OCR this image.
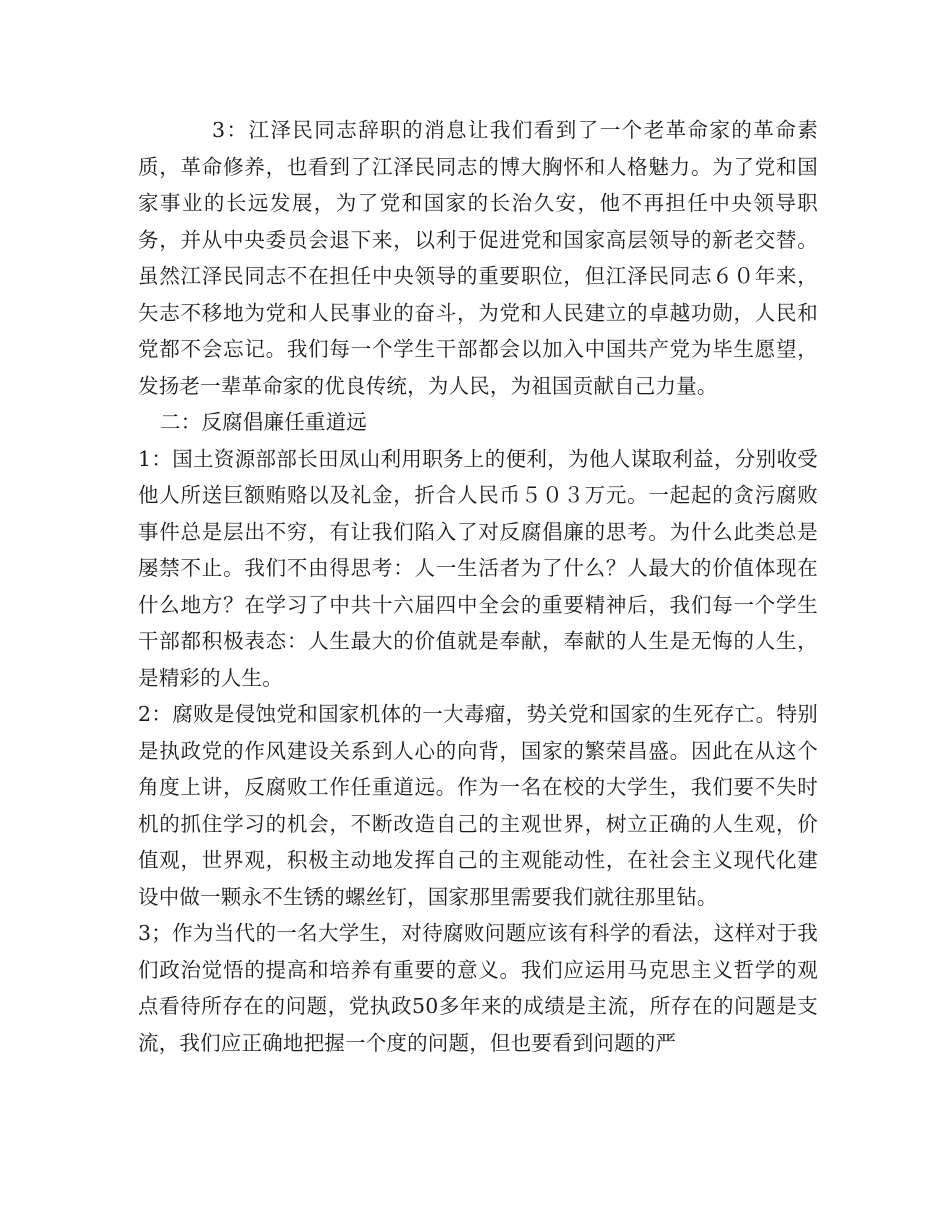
3：江泽民同志辞职的消息让我们看到了一个老革命家的革命素质，革命修养，也看到了江泽民同志的博大胸怀和人格魅力。为了党和国家事业的长远发展，为了党和国家的长治久安，他不再担任中央领导职务，并从中央委员会退下来，以利于促进党和国家高层领导的新老交替。虽然江泽民同志不在担任中央领导的重要职位，但江泽民同志６０年来，矢志不移地为党和人民事业的奋斗，为党和人民建立的卓越功勋，人民和党都不会忘记。我们每一个学生干部都会以加入中国共产党为毕生愿望，发扬老一辈革命家的优良传统，为人民，为祖国贡献自己力量。

二：反腐倡廉任重道远

1：国土资源部部长田凤山利用职务上的便利，为他人谋取利益，分别收受他人所送巨额贿赂以及礼金，折合人民币５０３万元。一起起的贪污腐败事件总是层出不穷，有让我们陷入了对反腐倡廉的思考。为什么此类总是屡禁不止。我们不由得思考：人一生活者为了什么？人最大的价值体现在什么地方？在学习了中共十六届四中全会的重要精神后，我们每一个学生干部都积极表态：人生最大的价值就是奉献，奉献的人生是无悔的人生，是精彩的人生。

2：腐败是侵蚀党和国家机体的一大毒瘤，势关党和国家的生死存亡。特别是执政党的作风建设关系到人心的向背，国家的繁荣昌盛。因此在从这个角度上讲，反腐败工作任重道远。作为一名在校的大学生，我们要不失时机的抓住学习的机会，不断改造自己的主观世界，树立正确的人生观，价值观，世界观，积极主动地发挥自己的主观能动性，在社会主义现代化建设中做一颗永不生锈的螺丝钉，国家那里需要我们就往那里钻。

3；作为当代的一名大学生，对待腐败问题应该有科学的看法，这样对于我们政治觉悟的提高和培养有重要的意义。我们应运用马克思主义哲学的观点看待所存在的问题，党执政50多年来的成绩是主流，所存在的问题是支流，我们应正确地把握一个度的问题，但也要看到问题的严
